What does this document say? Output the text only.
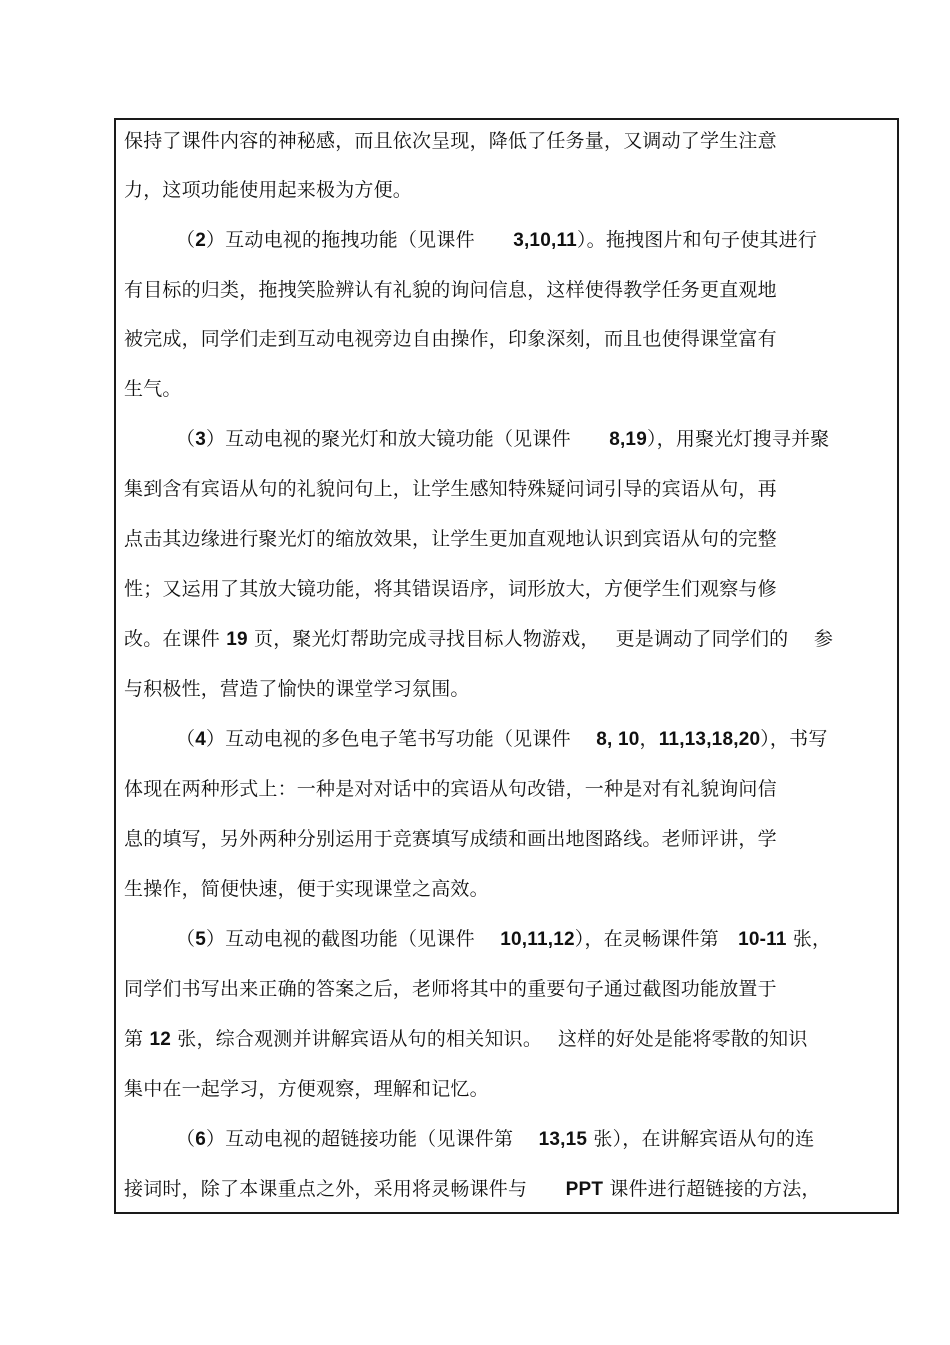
保持了课件内容的神秘感，而且依次呈现，降低了任务量，又调动了学生注意
力，这项功能使用起来极为方便。
（2）互动电视的拖拽功能（见课件　　3,10,11）。拖拽图片和句子使其进行
有目标的归类，拖拽笑脸辨认有礼貌的询问信息，这样使得教学任务更直观地
被完成，同学们走到互动电视旁边自由操作，印象深刻，而且也使得课堂富有
生气。
（3）互动电视的聚光灯和放大镜功能（见课件　　8,19），用聚光灯搜寻并聚
集到含有宾语从句的礼貌问句上，让学生感知特殊疑问词引导的宾语从句，再
点击其边缘进行聚光灯的缩放效果，让学生更加直观地认识到宾语从句的完整
性；又运用了其放大镜功能，将其错误语序，词形放大，方便学生们观察与修
改。在课件 19 页，聚光灯帮助完成寻找目标人物游戏，　 更是调动了同学们的　 参
与积极性，营造了愉快的课堂学习氛围。
（4）互动电视的多色电子笔书写功能（见课件　 8, 10，11,13,18,20），书写
体现在两种形式上：一种是对对话中的宾语从句改错，一种是对有礼貌询问信
息的填写，另外两种分别运用于竞赛填写成绩和画出地图路线。老师评讲，学
生操作，简便快速，便于实现课堂之高效。
（5）互动电视的截图功能（见课件　 10,11,12），在灵畅课件第　10-11 张，
同学们书写出来正确的答案之后，老师将其中的重要句子通过截图功能放置于
第 12 张，综合观测并讲解宾语从句的相关知识。　 这样的好处是能将零散的知识
集中在一起学习，方便观察，理解和记忆。
（6）互动电视的超链接功能（见课件第　 13,15 张），在讲解宾语从句的连
接词时，除了本课重点之外，采用将灵畅课件与　　PPT 课件进行超链接的方法，
